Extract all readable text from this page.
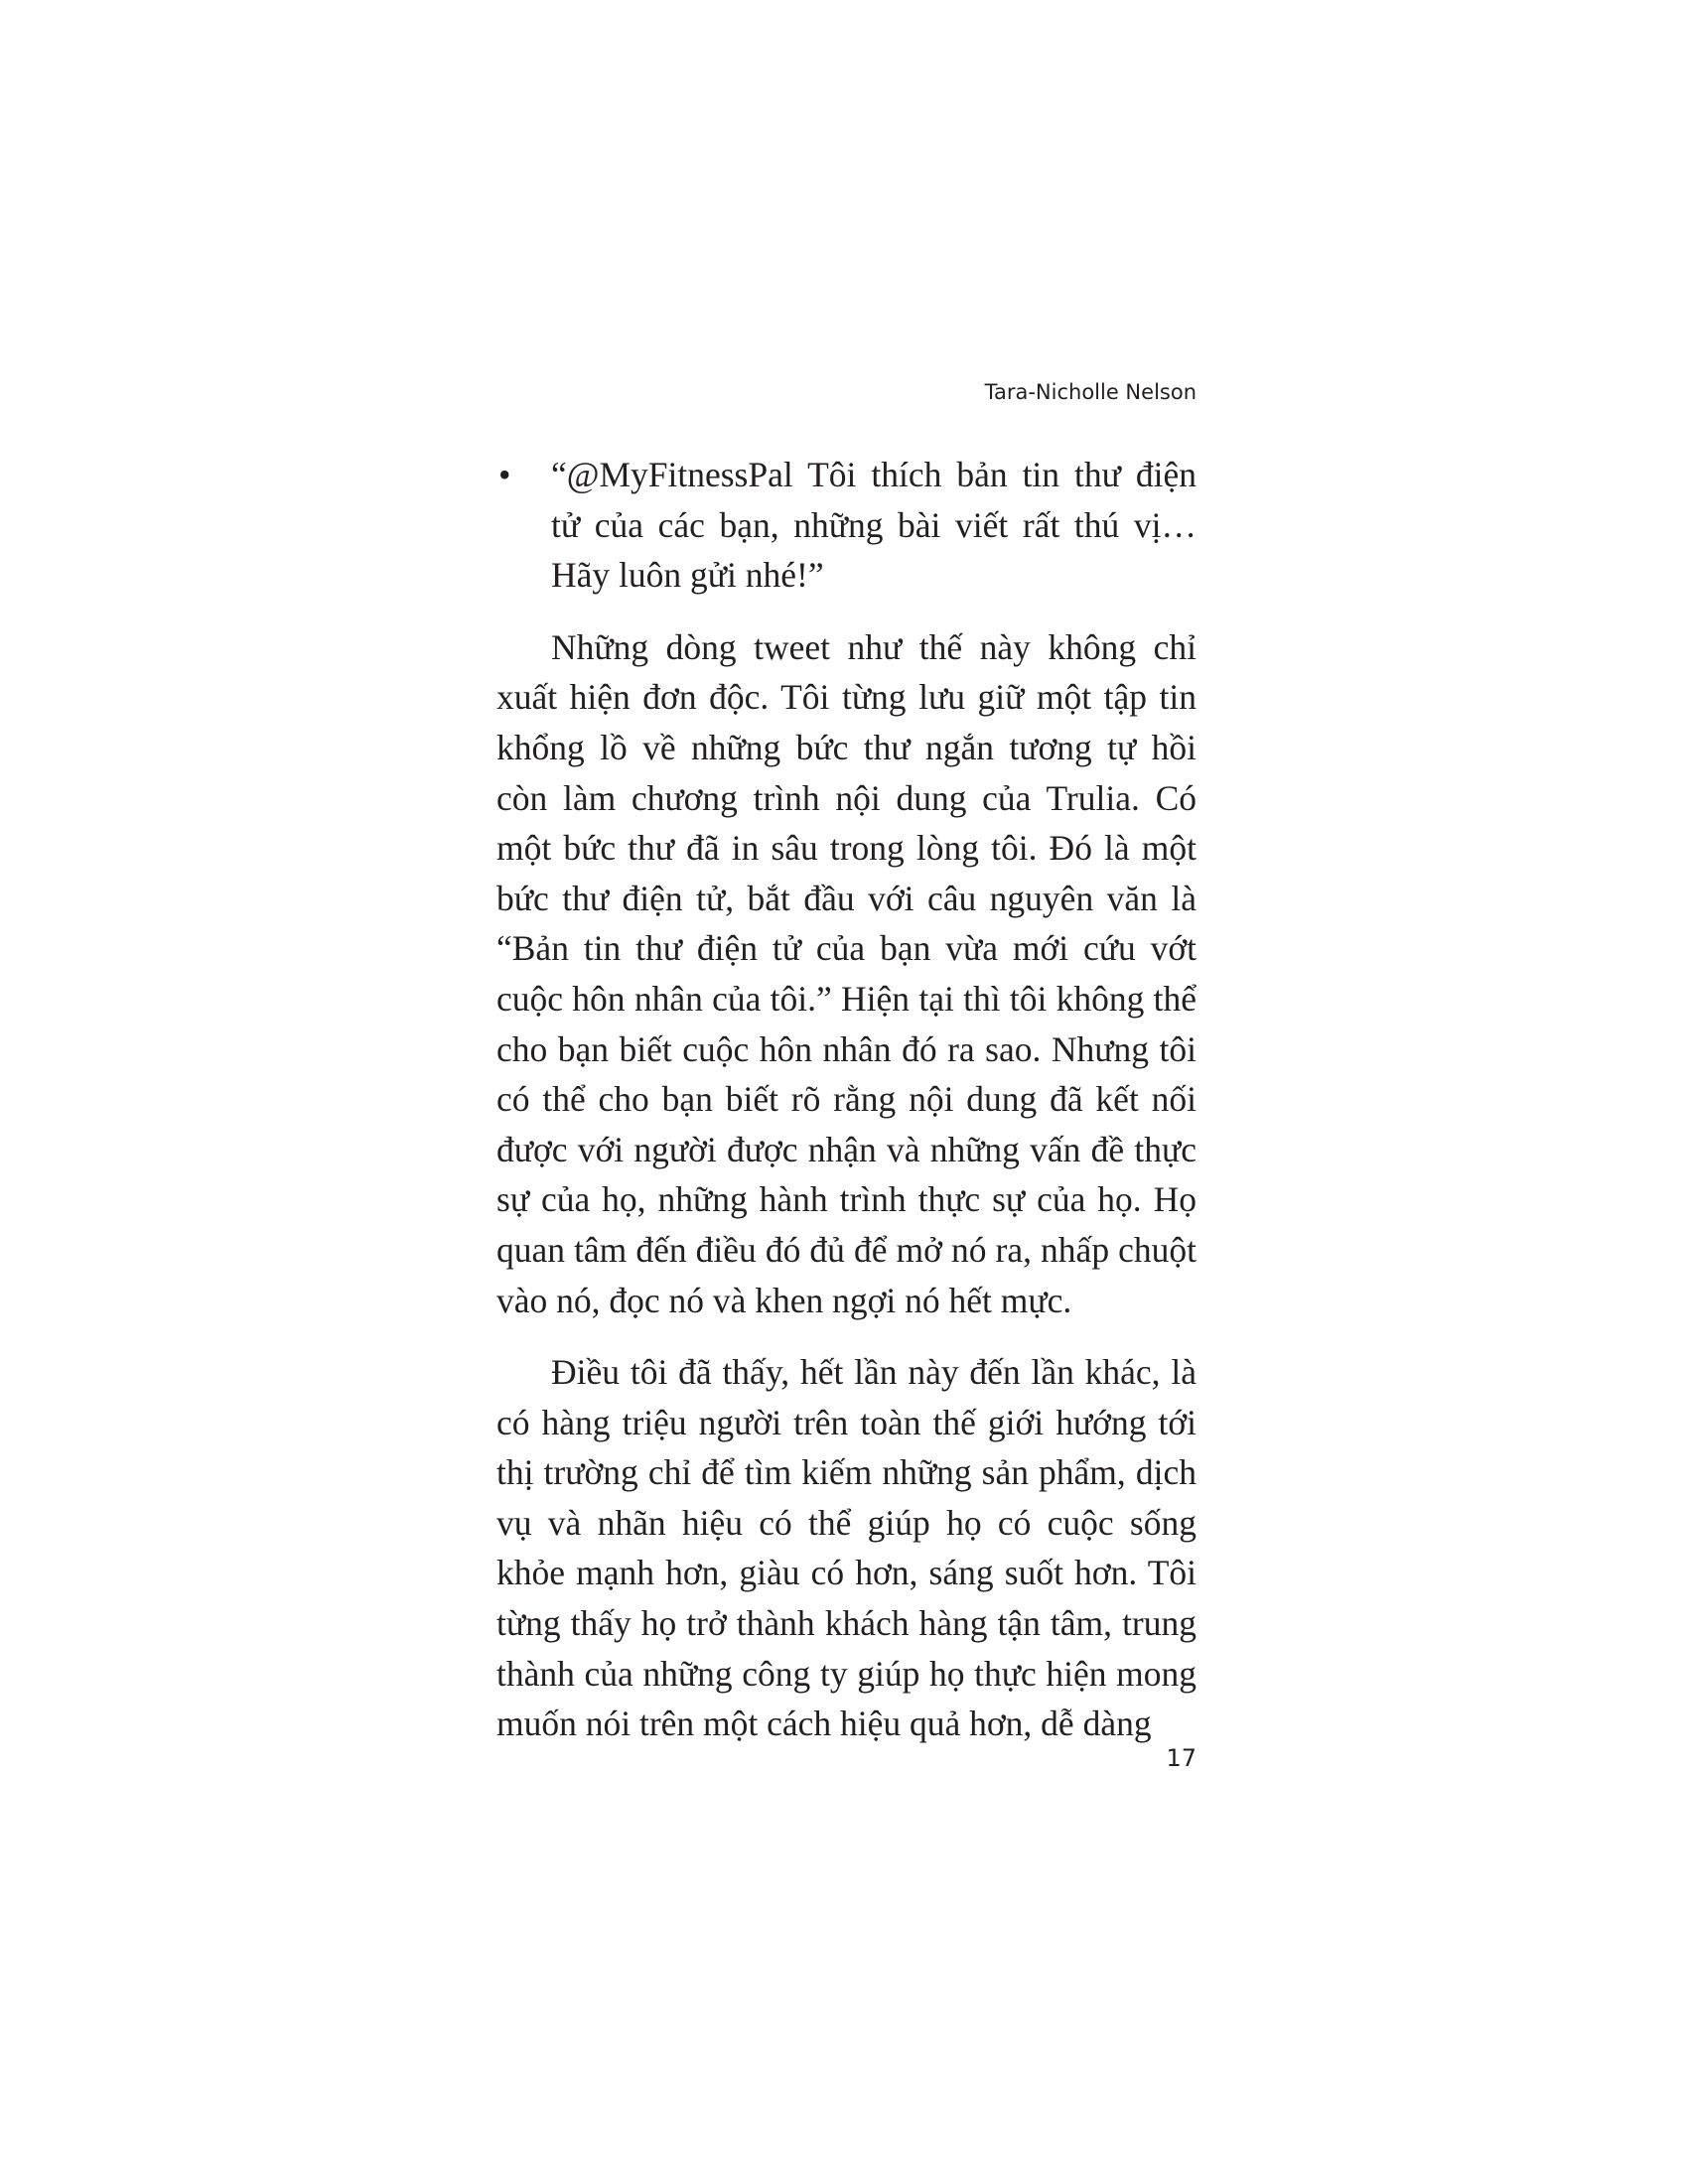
Tara-Nicholle Nelson

• “@MyFitnessPal Tôi thích bản tin thư điện tử của các bạn, những bài viết rất thú vị… Hãy luôn gửi nhé!”

Những dòng tweet như thế này không chỉ xuất hiện đơn độc. Tôi từng lưu giữ một tập tin khổng lồ về những bức thư ngắn tương tự hồi còn làm chương trình nội dung của Trulia. Có một bức thư đã in sâu trong lòng tôi. Đó là một bức thư điện tử, bắt đầu với câu nguyên văn là “Bản tin thư điện tử của bạn vừa mới cứu vớt cuộc hôn nhân của tôi.” Hiện tại thì tôi không thể cho bạn biết cuộc hôn nhân đó ra sao. Nhưng tôi có thể cho bạn biết rõ rằng nội dung đã kết nối được với người được nhận và những vấn đề thực sự của họ, những hành trình thực sự của họ. Họ quan tâm đến điều đó đủ để mở nó ra, nhấp chuột vào nó, đọc nó và khen ngợi nó hết mực.

Điều tôi đã thấy, hết lần này đến lần khác, là có hàng triệu người trên toàn thế giới hướng tới thị trường chỉ để tìm kiếm những sản phẩm, dịch vụ và nhãn hiệu có thể giúp họ có cuộc sống khỏe mạnh hơn, giàu có hơn, sáng suốt hơn. Tôi từng thấy họ trở thành khách hàng tận tâm, trung thành của những công ty giúp họ thực hiện mong muốn nói trên một cách hiệu quả hơn, dễ dàng

17
